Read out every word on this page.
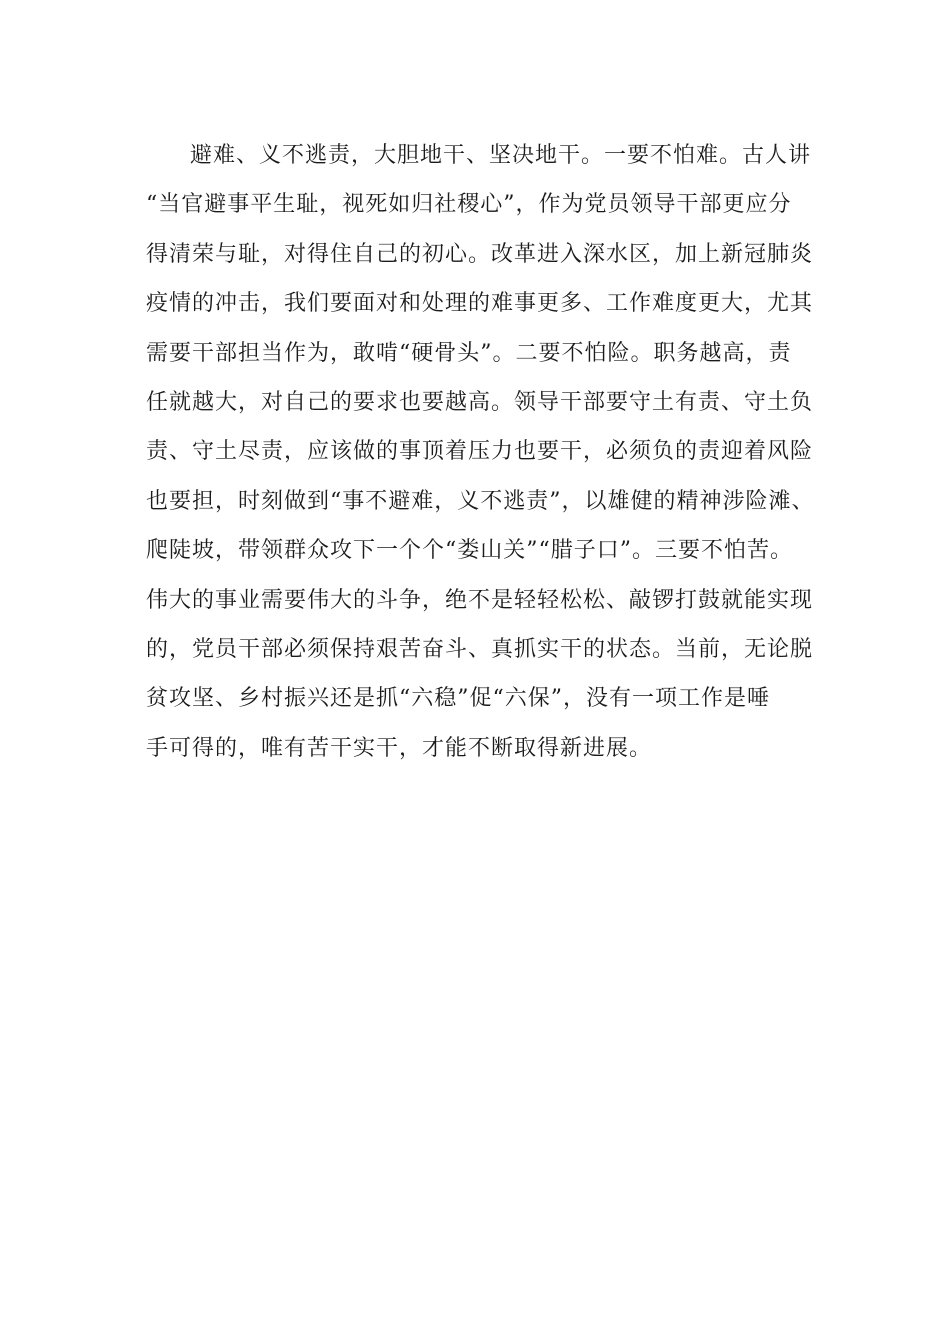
避难、义不逃责，大胆地干、坚决地干。一要不怕难。古人讲
“当官避事平生耻，视死如归社稷心”，作为党员领导干部更应分
得清荣与耻，对得住自己的初心。改革进入深水区，加上新冠肺炎
疫情的冲击，我们要面对和处理的难事更多、工作难度更大，尤其
需要干部担当作为，敢啃“硬骨头”。二要不怕险。职务越高，责
任就越大，对自己的要求也要越高。领导干部要守土有责、守土负
责、守土尽责，应该做的事顶着压力也要干，必须负的责迎着风险
也要担，时刻做到“事不避难，义不逃责”，以雄健的精神涉险滩、
爬陡坡，带领群众攻下一个个“娄山关”“腊子口”。三要不怕苦。
伟大的事业需要伟大的斗争，绝不是轻轻松松、敲锣打鼓就能实现
的，党员干部必须保持艰苦奋斗、真抓实干的状态。当前，无论脱
贫攻坚、乡村振兴还是抓“六稳”促“六保”，没有一项工作是唾
手可得的，唯有苦干实干，才能不断取得新进展。
